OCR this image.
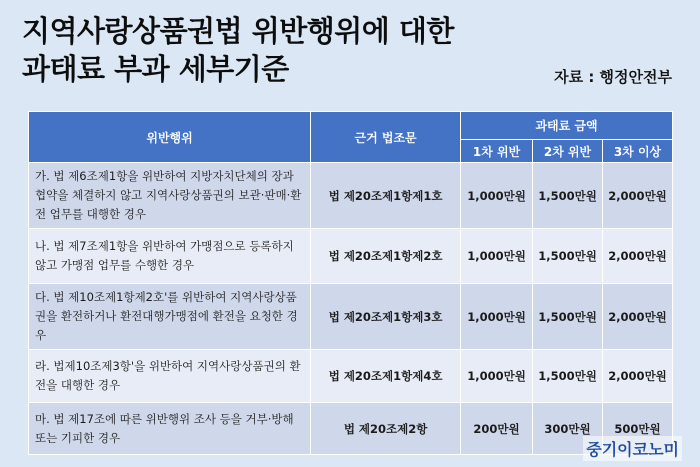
지역사랑상품권법 위반행위에 대한
과태료 부과 세부기준	자료 : 행정안전부
위반행위	근거 법조문	과태료 금액		
		1차 위반	2차 위반	3차 이상
가. 법 제6조제1항을 위반하여 지방자치단체의 장과 협약을 체결하지 않고 지역사랑상품권의 보관·판매·환전 업무를 대행한 경우	법 제20조제1항제1호	1,000만원	1,500만원	2,000만원
나. 법 제7조제1항을 위반하여 가맹점으로 등록하지 않고 가맹점 업무를 수행한 경우	법 제20조제1항제2호	1,000만원	1,500만원	2,000만원
다. 법 제10조제1항제2호'를 위반하여 지역사랑상품권을 환전하거나 환전대행가맹점에 환전을 요청한 경우	법 제20조제1항제3호	1,000만원	1,500만원	2,000만원
라. 법제10조제3항'을 위반하여 지역사랑상품권의 환전을 대행한 경우	법 제20조제1항제4호	1,000만원	1,500만원	2,000만원
마. 법 제17조에 따른 위반행위 조사 등을 거부·방해 또는 기피한 경우	법 제20조제2항	200만원	300만원	500만원
중기이코노미
